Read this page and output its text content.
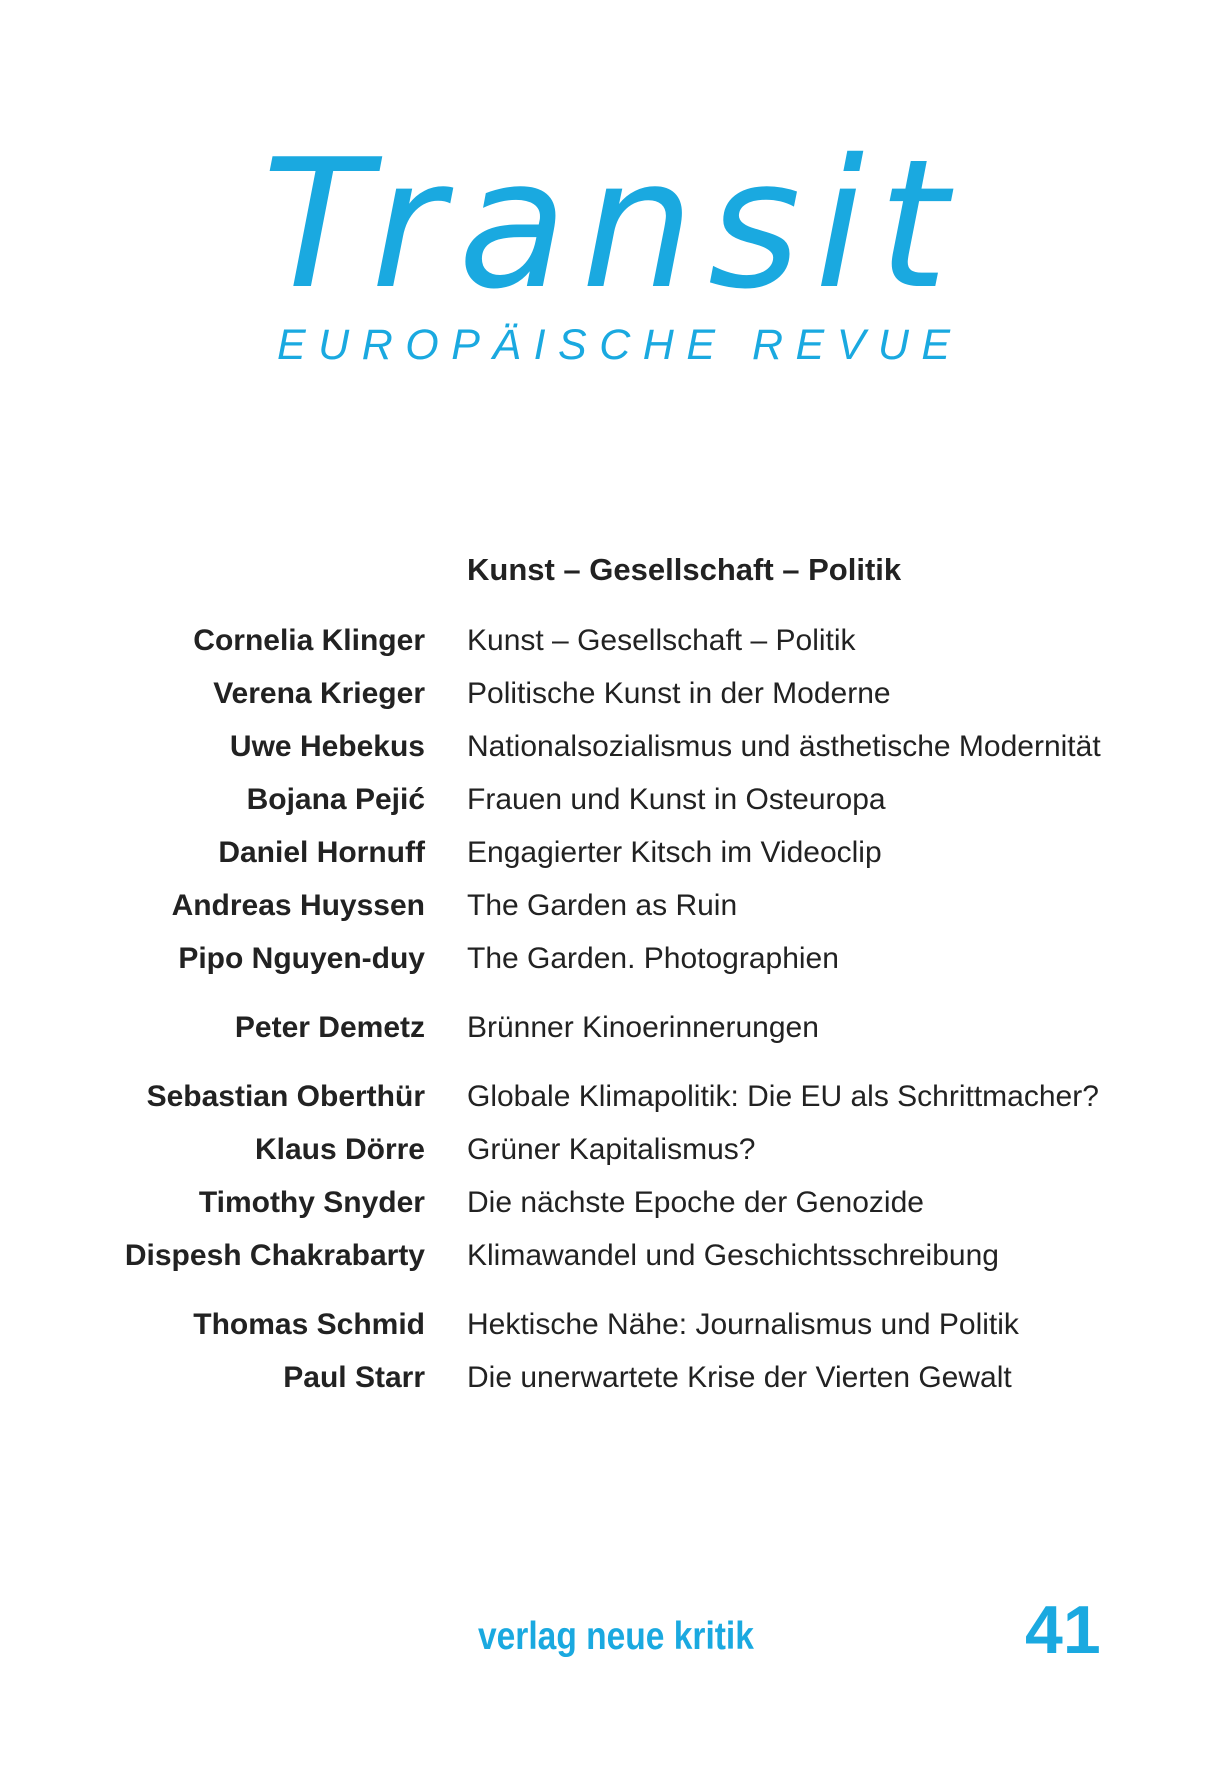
Transit
EUROPÄISCHE REVUE
Kunst – Gesellschaft – Politik
Cornelia Klinger Kunst – Gesellschaft – Politik
Verena Krieger Politische Kunst in der Moderne
Uwe Hebekus Nationalsozialismus und ästhetische Modernität
Bojana Pejić Frauen und Kunst in Osteuropa
Daniel Hornuff Engagierter Kitsch im Videoclip
Andreas Huyssen The Garden as Ruin
Pipo Nguyen-duy The Garden. Photographien
Peter Demetz Brünner Kinoerinnerungen
Sebastian Oberthür Globale Klimapolitik: Die EU als Schrittmacher?
Klaus Dörre Grüner Kapitalismus?
Timothy Snyder Die nächste Epoche der Genozide
Dispesh Chakrabarty Klimawandel und Geschichtsschreibung
Thomas Schmid Hektische Nähe: Journalismus und Politik
Paul Starr Die unerwartete Krise der Vierten Gewalt
verlag neue kritik	41
